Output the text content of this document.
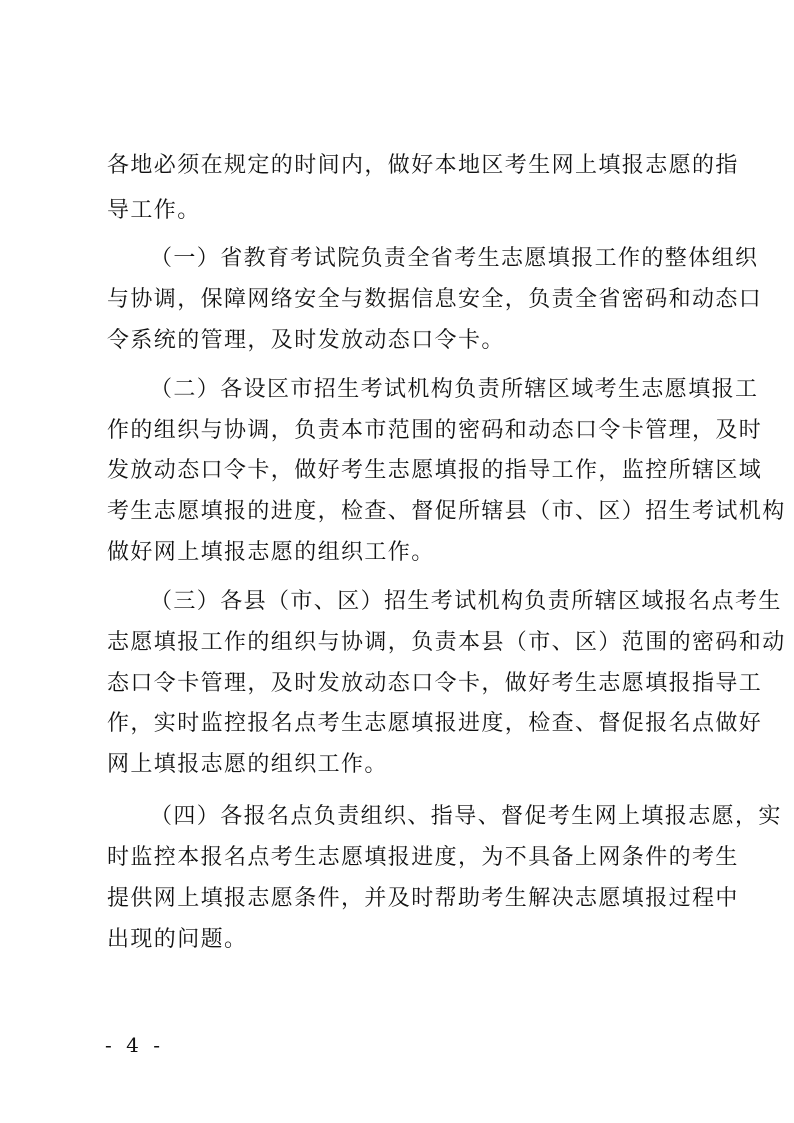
各地必须在规定的时间内，做好本地区考生网上填报志愿的指
导工作。
（一）省教育考试院负责全省考生志愿填报工作的整体组织
与协调，保障网络安全与数据信息安全，负责全省密码和动态口
令系统的管理，及时发放动态口令卡。
（二）各设区市招生考试机构负责所辖区域考生志愿填报工
作的组织与协调，负责本市范围的密码和动态口令卡管理，及时
发放动态口令卡，做好考生志愿填报的指导工作，监控所辖区域
考生志愿填报的进度，检查、督促所辖县（市、区）招生考试机构
做好网上填报志愿的组织工作。
（三）各县（市、区）招生考试机构负责所辖区域报名点考生
志愿填报工作的组织与协调，负责本县（市、区）范围的密码和动
态口令卡管理，及时发放动态口令卡，做好考生志愿填报指导工
作，实时监控报名点考生志愿填报进度，检查、督促报名点做好
网上填报志愿的组织工作。
（四）各报名点负责组织、指导、督促考生网上填报志愿，实
时监控本报名点考生志愿填报进度，为不具备上网条件的考生
提供网上填报志愿条件，并及时帮助考生解决志愿填报过程中
出现的问题。
- 4 -
